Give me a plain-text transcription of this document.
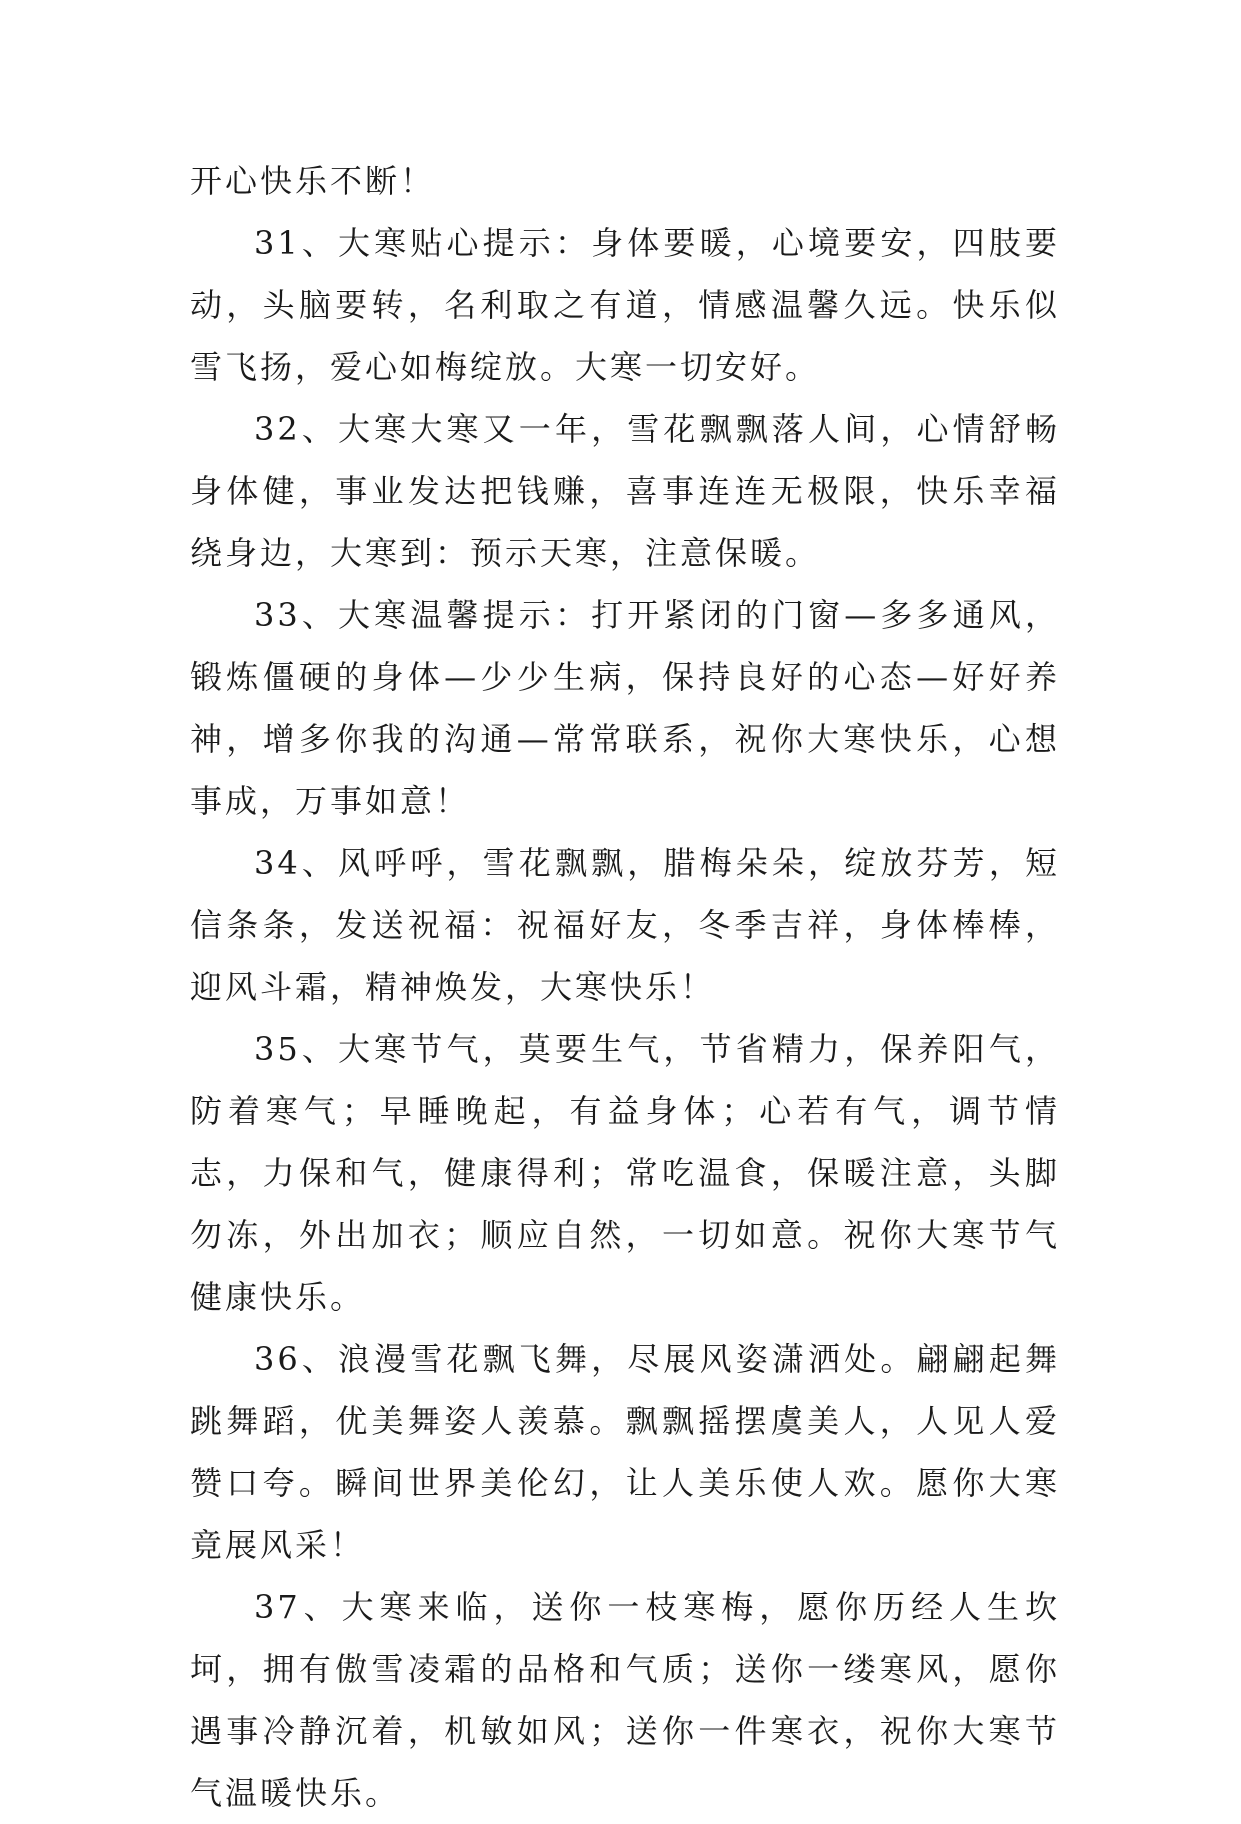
开心快乐不断！

31、大寒贴心提示：身体要暖，心境要安，四肢要动，头脑要转，名利取之有道，情感温馨久远。快乐似雪飞扬，爱心如梅绽放。大寒一切安好。

32、大寒大寒又一年，雪花飘飘落人间，心情舒畅身体健，事业发达把钱赚，喜事连连无极限，快乐幸福绕身边，大寒到：预示天寒，注意保暖。

33、大寒温馨提示：打开紧闭的门窗—多多通风，锻炼僵硬的身体—少少生病，保持良好的心态—好好养神，增多你我的沟通—常常联系，祝你大寒快乐，心想事成，万事如意！

34、风呼呼，雪花飘飘，腊梅朵朵，绽放芬芳，短信条条，发送祝福：祝福好友，冬季吉祥，身体棒棒，迎风斗霜，精神焕发，大寒快乐！

35、大寒节气，莫要生气，节省精力，保养阳气，防着寒气；早睡晚起，有益身体；心若有气，调节情志，力保和气，健康得利；常吃温食，保暖注意，头脚勿冻，外出加衣；顺应自然，一切如意。祝你大寒节气健康快乐。

36、浪漫雪花飘飞舞，尽展风姿潇洒处。翩翩起舞跳舞蹈，优美舞姿人羡慕。飘飘摇摆虞美人，人见人爱赞口夸。瞬间世界美伦幻，让人美乐使人欢。愿你大寒竟展风采！

37、大寒来临，送你一枝寒梅，愿你历经人生坎坷，拥有傲雪凌霜的品格和气质；送你一缕寒风，愿你遇事冷静沉着，机敏如风；送你一件寒衣，祝你大寒节气温暖快乐。
